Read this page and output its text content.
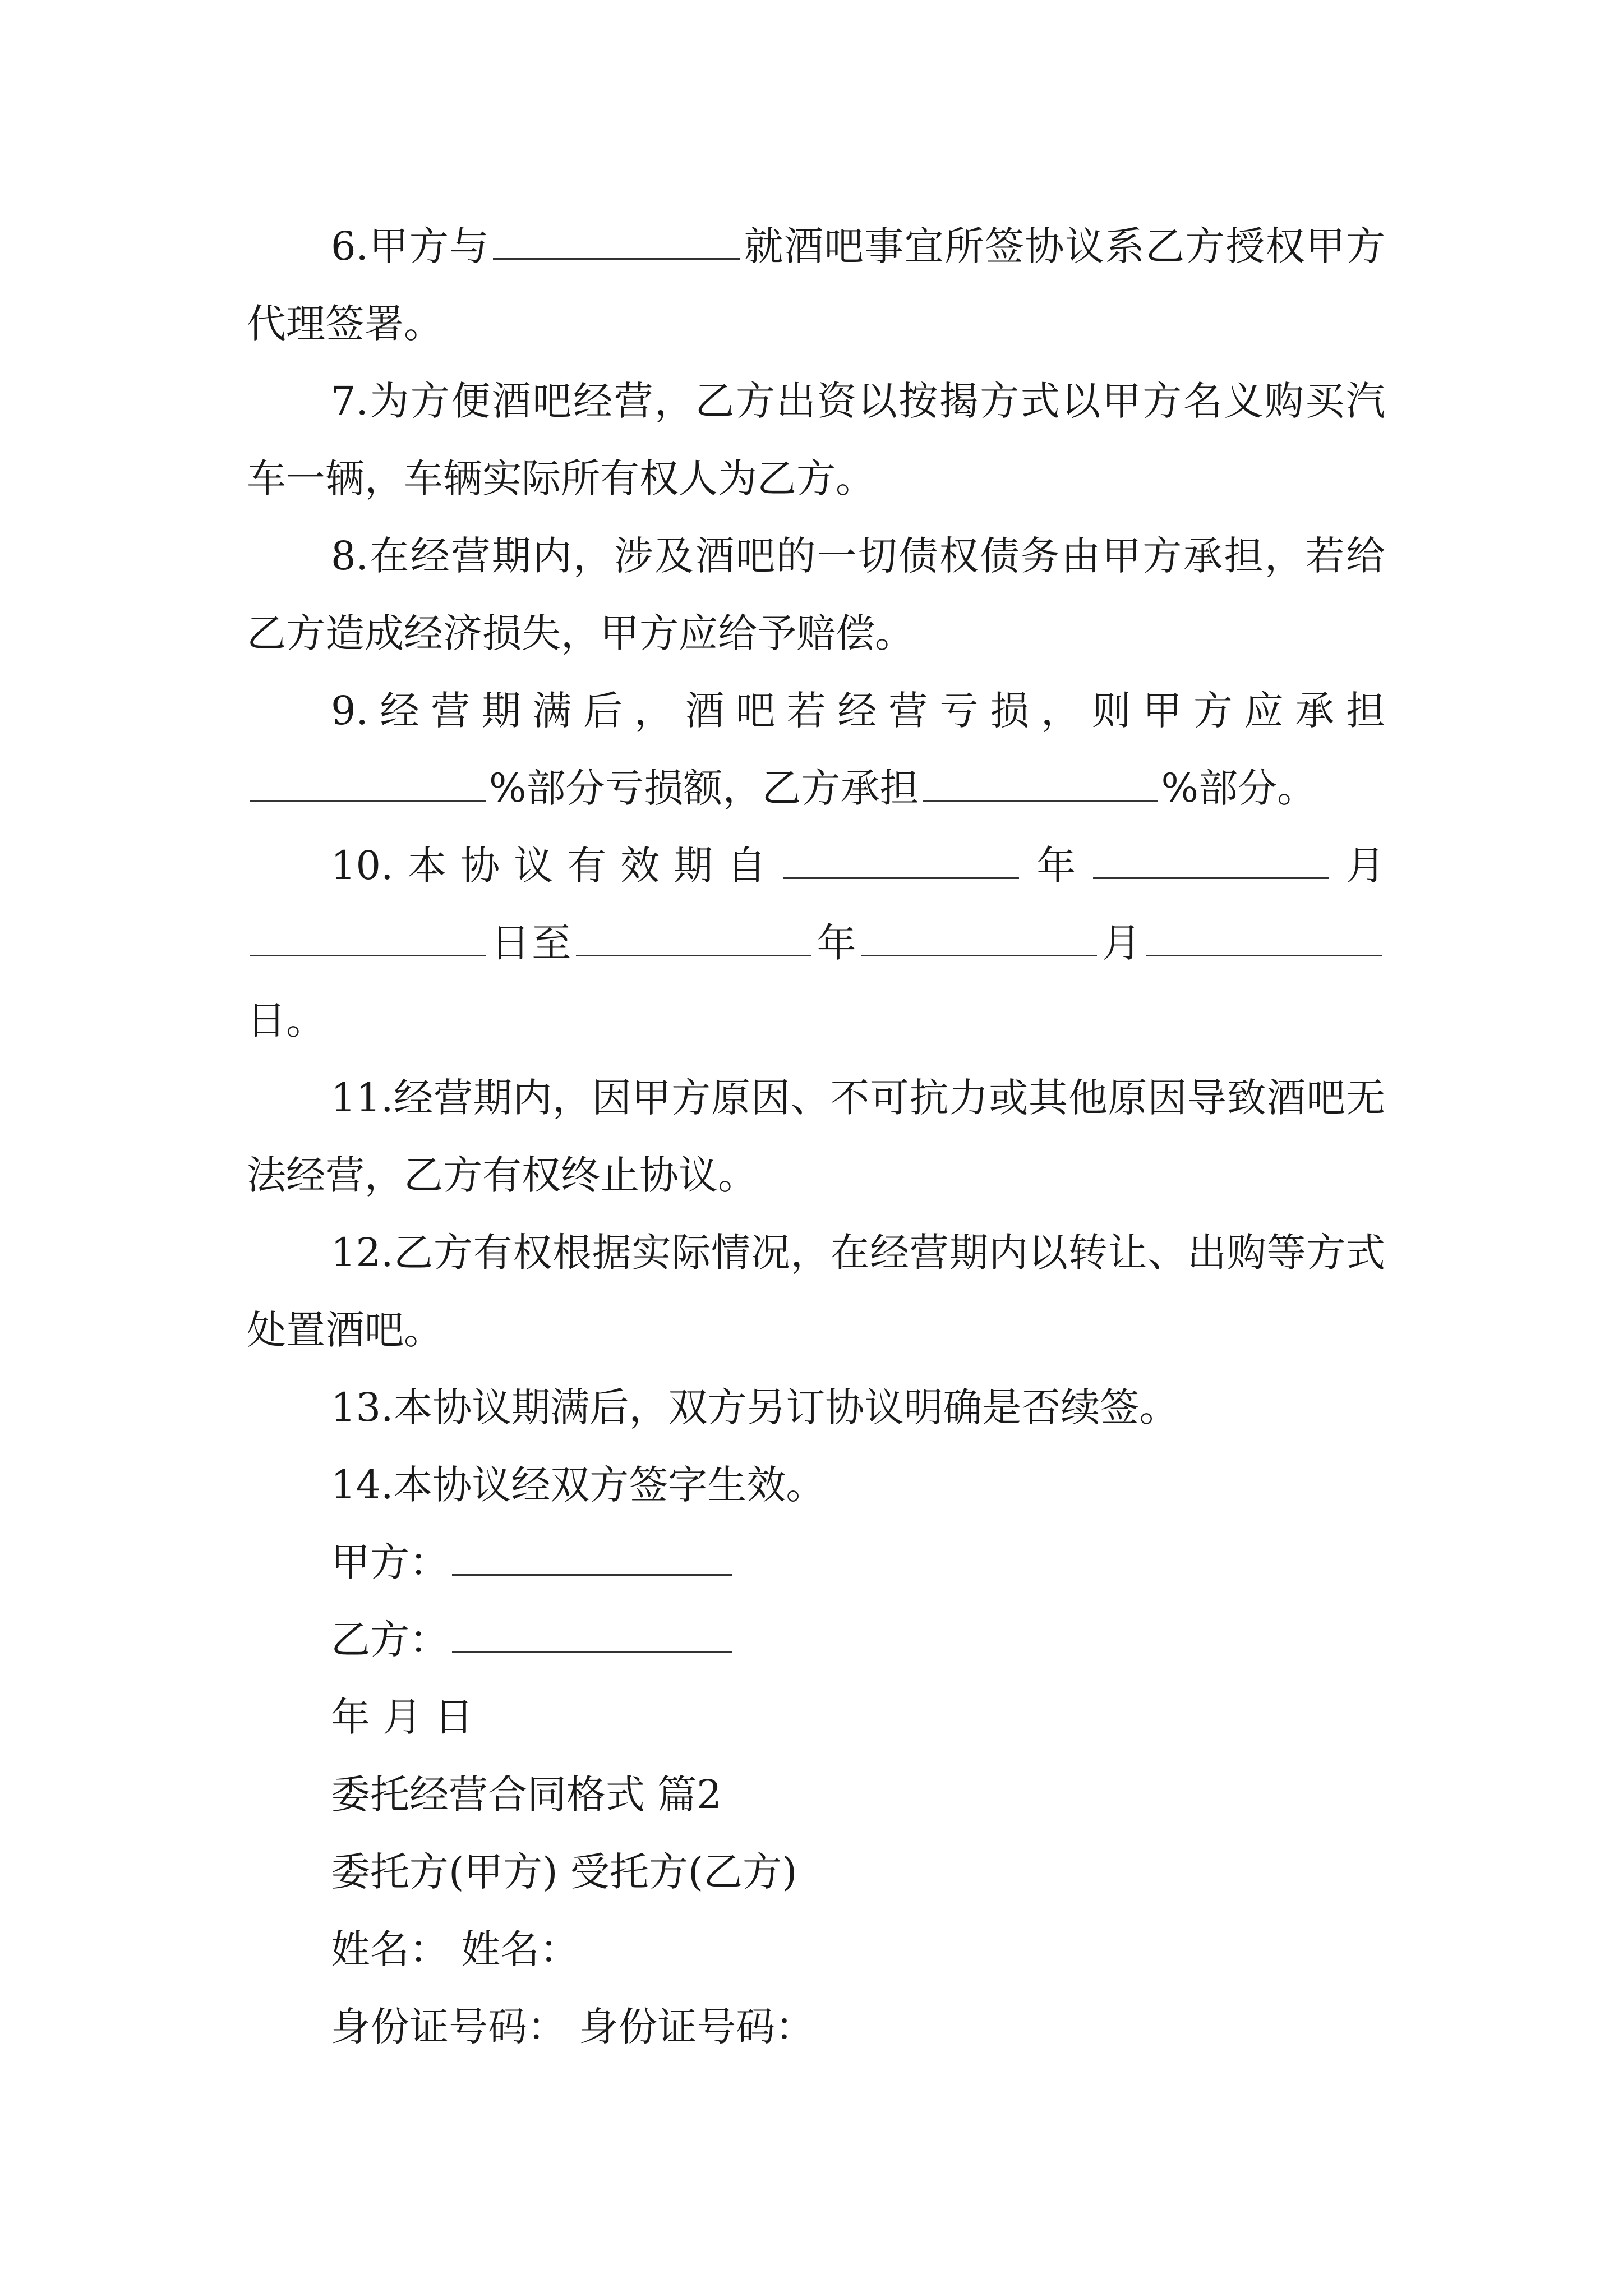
6.甲方与	就酒吧事宜所签协议系乙方授权甲方代理签署。

7.为方便酒吧经营，乙方出资以按揭方式以甲方名义购买汽车一辆，车辆实际所有权人为乙方。

8.在经营期内，涉及酒吧的一切债权债务由甲方承担，若给乙方造成经济损失，甲方应给予赔偿。

9.经营期满后，酒吧若经营亏损，则甲方应承担%部分亏损额，乙方承担	%部分。

10.本协议有效期自	年	月 日至	年	月 日。

11.经营期内，因甲方原因、不可抗力或其他原因导致酒吧无法经营，乙方有权终止协议。

12.乙方有权根据实际情况，在经营期内以转让、出购等方式处置酒吧。

13.本协议期满后，双方另订协议明确是否续签。

14.本协议经双方签字生效。

甲方：

乙方：

年 月 日

委托经营合同格式 篇2

委托方(甲方) 受托方(乙方)

姓名： 姓名：

身份证号码： 身份证号码：
